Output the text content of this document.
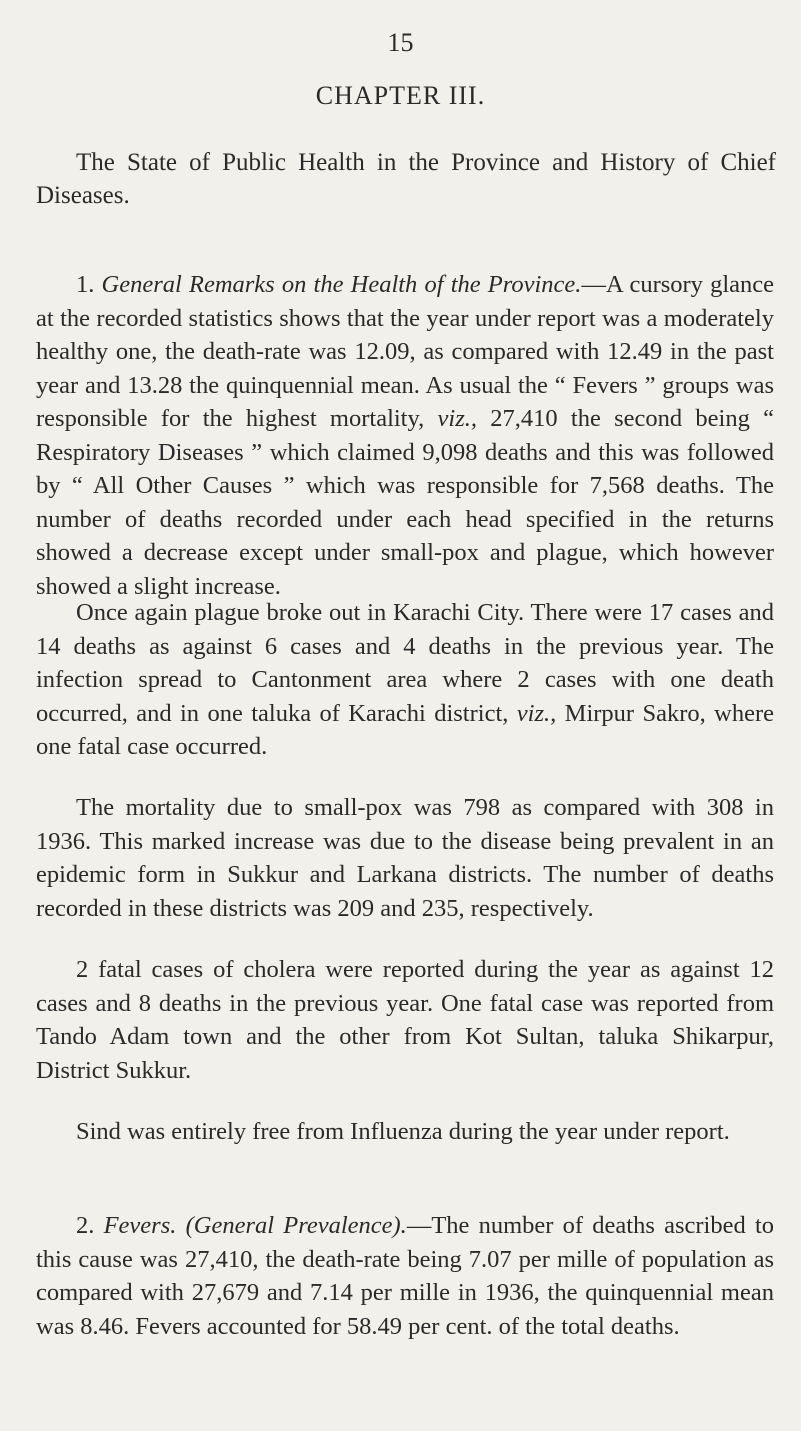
15
CHAPTER III.
The State of Public Health in the Province and History of Chief Diseases.

1. General Remarks on the Health of the Province.—A cursory glance at the recorded statistics shows that the year under report was a moderately healthy one, the death-rate was 12.09, as compared with 12.49 in the past year and 13.28 the quinquennial mean. As usual the “ Fevers ” groups was responsible for the highest mortality, viz., 27,410 the second being “ Respiratory Diseases ” which claimed 9,098 deaths and this was followed by “ All Other Causes ” which was responsible for 7,568 deaths. The number of deaths recorded under each head specified in the returns showed a decrease except under small-pox and plague, which however showed a slight increase.

Once again plague broke out in Karachi City. There were 17 cases and 14 deaths as against 6 cases and 4 deaths in the previous year. The infection spread to Cantonment area where 2 cases with one death occurred, and in one taluka of Karachi district, viz., Mirpur Sakro, where one fatal case occurred.

The mortality due to small-pox was 798 as compared with 308 in 1936. This marked increase was due to the disease being prevalent in an epidemic form in Sukkur and Larkana districts. The number of deaths recorded in these districts was 209 and 235, respectively.

2 fatal cases of cholera were reported during the year as against 12 cases and 8 deaths in the previous year. One fatal case was reported from Tando Adam town and the other from Kot Sultan, taluka Shikarpur, District Sukkur.

Sind was entirely free from Influenza during the year under report.

2. Fevers. (General Prevalence).—The number of deaths ascribed to this cause was 27,410, the death-rate being 7.07 per mille of population as compared with 27,679 and 7.14 per mille in 1936, the quinquennial mean was 8.46. Fevers accounted for 58.49 per cent. of the total deaths.
